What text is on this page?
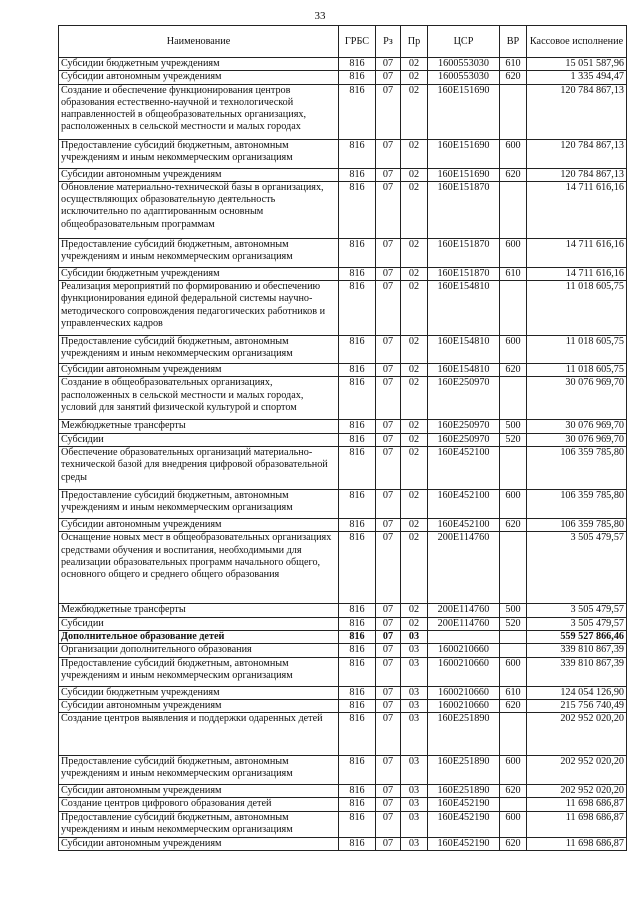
33
Наименование	ГРБС	Рз	Пр	ЦСР	ВР	Кассовое исполнение
Субсидии бюджетным учреждениям	816	07	02	1600553030	610	15 051 587,96
Субсидии автономным учреждениям	816	07	02	1600553030	620	1 335 494,47
Создание и обеспечение функционирования центров образования естественно-научной и технологической направленностей в общеобразовательных организациях, расположенных в сельской местности и малых городах	816	07	02	160E151690		120 784 867,13
Предоставление субсидий бюджетным, автономным учреждениям и иным некоммерческим организациям	816	07	02	160E151690	600	120 784 867,13
Субсидии автономным учреждениям	816	07	02	160E151690	620	120 784 867,13
Обновление материально-технической базы в организациях, осуществляющих образовательную деятельность исключительно по адаптированным основным общеобразовательным программам	816	07	02	160E151870		14 711 616,16
Предоставление субсидий бюджетным, автономным учреждениям и иным некоммерческим организациям	816	07	02	160E151870	600	14 711 616,16
Субсидии бюджетным учреждениям	816	07	02	160E151870	610	14 711 616,16
Реализация мероприятий по формированию и обеспечению функционирования единой федеральной системы научно-методического сопровождения педагогических работников и управленческих кадров	816	07	02	160E154810		11 018 605,75
Предоставление субсидий бюджетным, автономным учреждениям и иным некоммерческим организациям	816	07	02	160E154810	600	11 018 605,75
Субсидии автономным учреждениям	816	07	02	160E154810	620	11 018 605,75
Создание в общеобразовательных организациях, расположенных в сельской местности и малых городах, условий для занятий физической культурой и спортом	816	07	02	160E250970		30 076 969,70
Межбюджетные трансферты	816	07	02	160E250970	500	30 076 969,70
Субсидии	816	07	02	160E250970	520	30 076 969,70
Обеспечение образовательных организаций материально-технической базой для внедрения цифровой образовательной среды	816	07	02	160E452100		106 359 785,80
Предоставление субсидий бюджетным, автономным учреждениям и иным некоммерческим организациям	816	07	02	160E452100	600	106 359 785,80
Субсидии автономным учреждениям	816	07	02	160E452100	620	106 359 785,80
Оснащение новых мест в общеобразовательных организациях средствами обучения и воспитания, необходимыми для реализации образовательных программ начального общего, основного общего и среднего общего образования	816	07	02	200E114760		3 505 479,57
Межбюджетные трансферты	816	07	02	200E114760	500	3 505 479,57
Субсидии	816	07	02	200E114760	520	3 505 479,57
Дополнительное образование детей	816	07	03			559 527 866,46
Организации дополнительного образования	816	07	03	1600210660		339 810 867,39
Предоставление субсидий бюджетным, автономным учреждениям и иным некоммерческим организациям	816	07	03	1600210660	600	339 810 867,39
Субсидии бюджетным учреждениям	816	07	03	1600210660	610	124 054 126,90
Субсидии автономным учреждениям	816	07	03	1600210660	620	215 756 740,49
Создание центров выявления и поддержки одаренных детей	816	07	03	160E251890		202 952 020,20
Предоставление субсидий бюджетным, автономным учреждениям и иным некоммерческим организациям	816	07	03	160E251890	600	202 952 020,20
Субсидии автономным учреждениям	816	07	03	160E251890	620	202 952 020,20
Создание центров цифрового образования детей	816	07	03	160E452190		11 698 686,87
Предоставление субсидий бюджетным, автономным учреждениям и иным некоммерческим организациям	816	07	03	160E452190	600	11 698 686,87
Субсидии автономным учреждениям	816	07	03	160E452190	620	11 698 686,87
